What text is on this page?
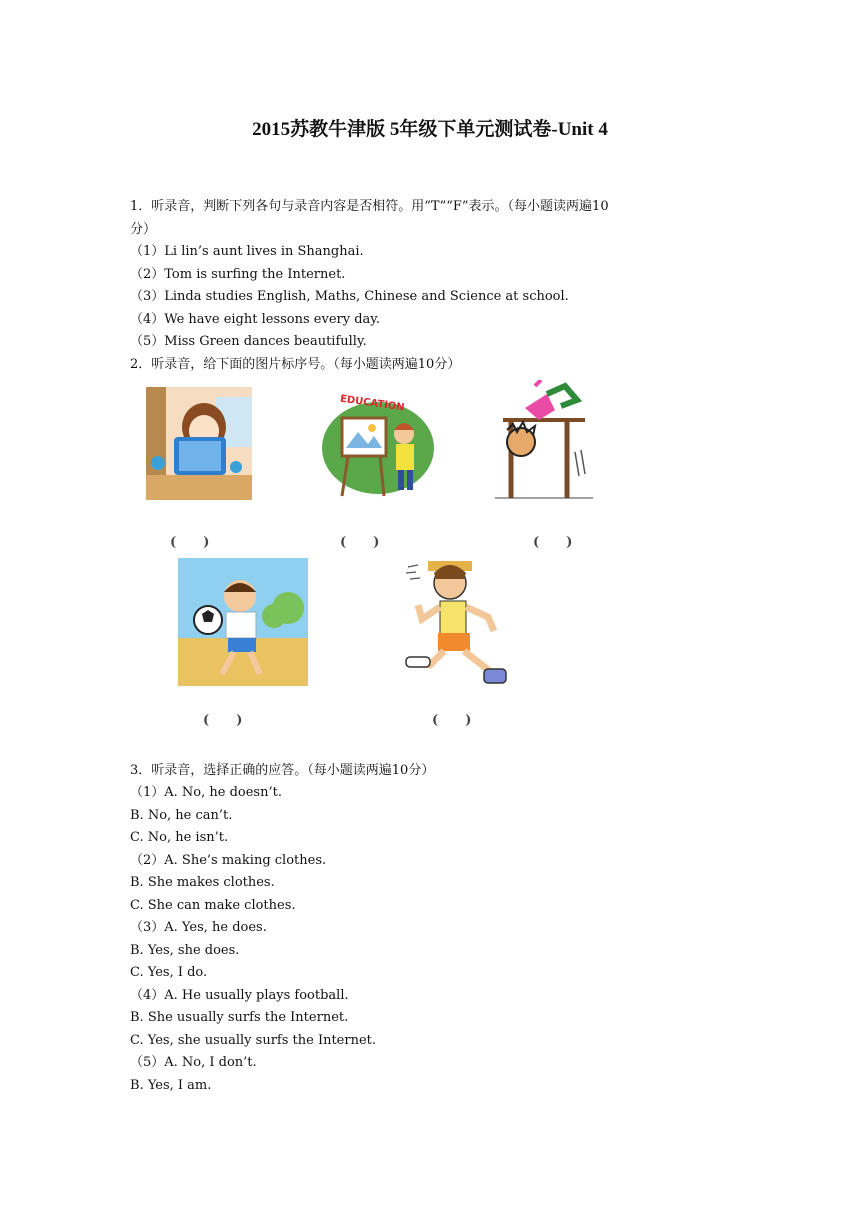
2015苏教牛津版 5年级下单元测试卷-Unit 4
1．听录音，判断下列各句与录音内容是否相符。用“T”“F”表示。（每小题读两遍10
分）
（1）Li lin’s aunt lives in Shanghai.
（2）Tom is surfing the Internet.
（3）Linda studies English, Maths, Chinese and Science at school.
（4）We have eight lessons every day.
（5）Miss Green dances beautifully.
2．听录音，给下面的图片标序号。（每小题读两遍10分）
(      )
EDUCATION
(      )	(      )
(      )	(      )
3．听录音，选择正确的应答。（每小题读两遍10分）
（1）A. No, he doesn’t.
B. No, he can’t.
C. No, he isn’t.
（2）A. She’s making clothes.
B. She makes clothes.
C. She can make clothes.
（3）A. Yes, he does.
B. Yes, she does.
C. Yes, I do.
（4）A. He usually plays football.
B. She usually surfs the Internet.
C. Yes, she usually surfs the Internet.
（5）A. No, I don’t.
B. Yes, I am.
